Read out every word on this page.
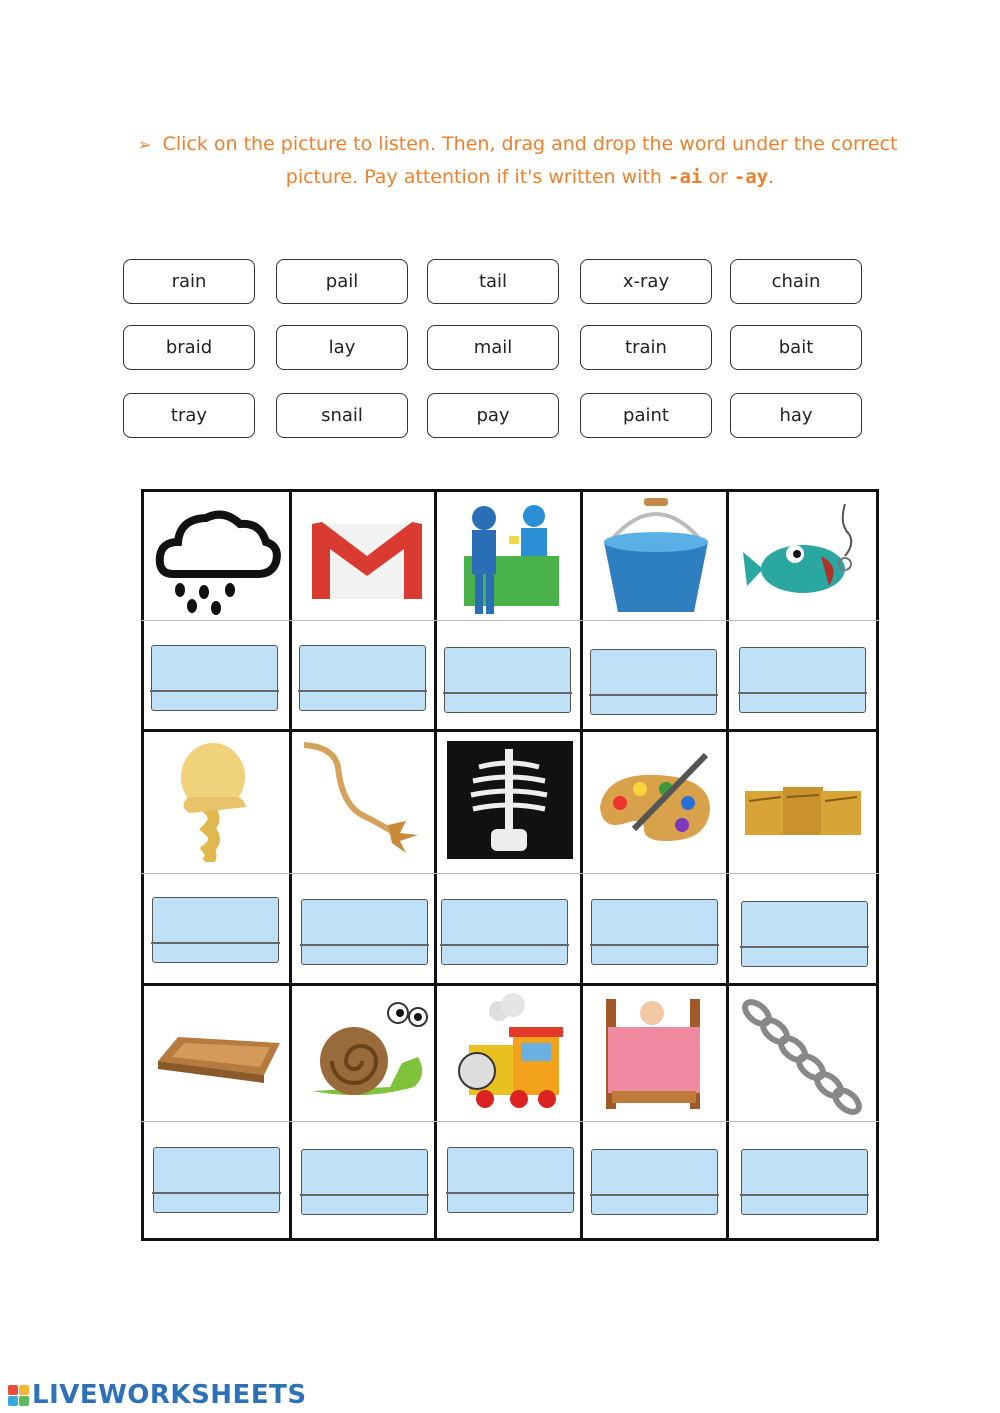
➢ Click on the picture to listen. Then, drag and drop the word under the correct
picture. Pay attention if it's written with -ai or -ay.
rain	pail	tail	x-ray	chain
braid	lay	mail	train	bait
tray	snail	pay	paint	hay
LIVEWORKSHEETS
